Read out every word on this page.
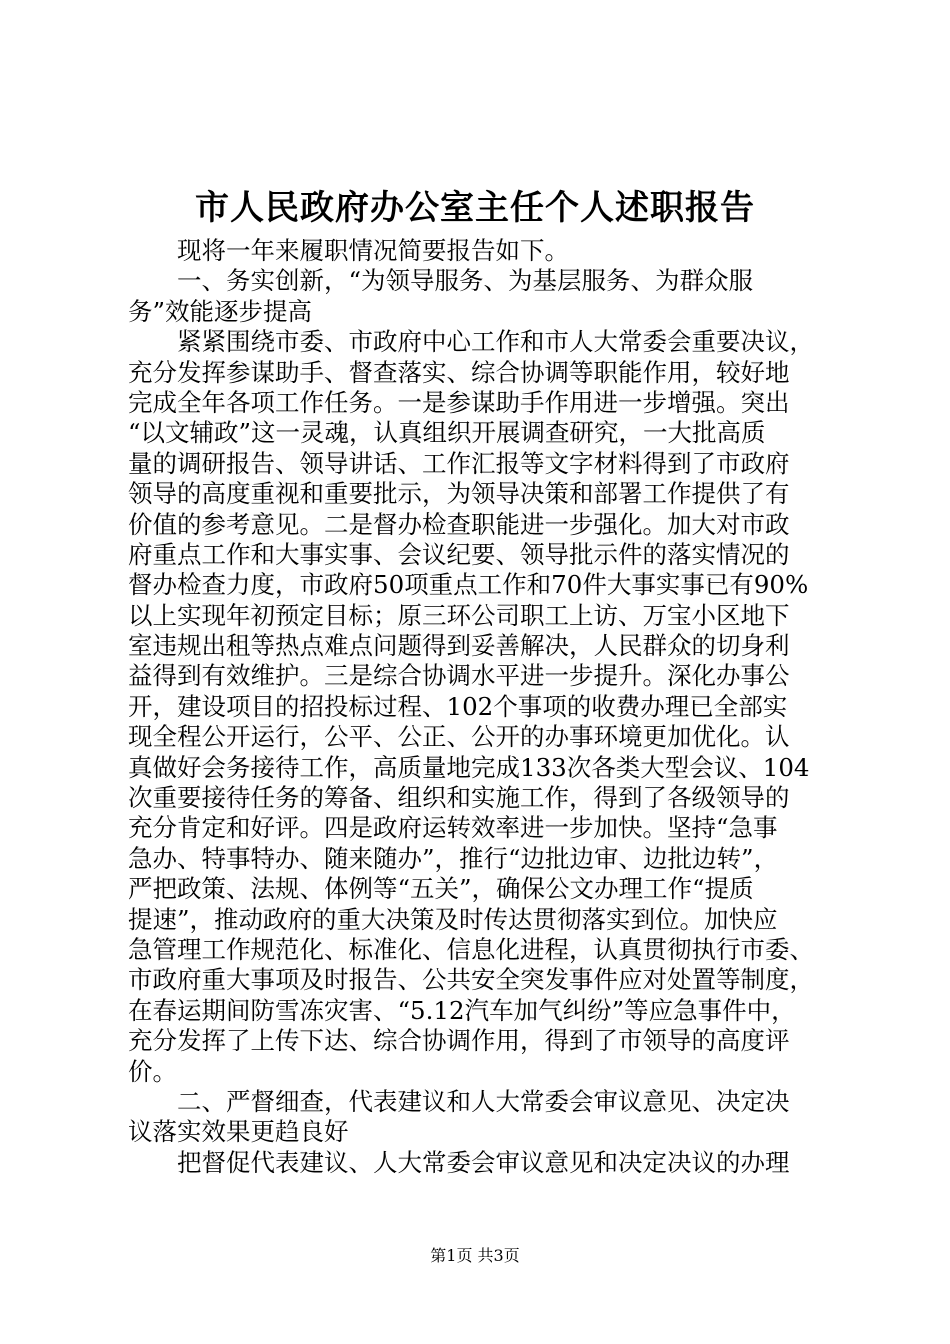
市人民政府办公室主任个人述职报告
　　现将一年来履职情况简要报告如下。
　　一、务实创新，“为领导服务、为基层服务、为群众服
务”效能逐步提高
　　紧紧围绕市委、市政府中心工作和市人大常委会重要决议，
充分发挥参谋助手、督查落实、综合协调等职能作用，较好地
完成全年各项工作任务。一是参谋助手作用进一步增强。突出
“以文辅政”这一灵魂，认真组织开展调查研究，一大批高质
量的调研报告、领导讲话、工作汇报等文字材料得到了市政府
领导的高度重视和重要批示，为领导决策和部署工作提供了有
价值的参考意见。二是督办检查职能进一步强化。加大对市政
府重点工作和大事实事、会议纪要、领导批示件的落实情况的
督办检查力度，市政府50项重点工作和70件大事实事已有90%
以上实现年初预定目标；原三环公司职工上访、万宝小区地下
室违规出租等热点难点问题得到妥善解决，人民群众的切身利
益得到有效维护。三是综合协调水平进一步提升。深化办事公
开，建设项目的招投标过程、102个事项的收费办理已全部实
现全程公开运行，公平、公正、公开的办事环境更加优化。认
真做好会务接待工作，高质量地完成133次各类大型会议、104
次重要接待任务的筹备、组织和实施工作，得到了各级领导的
充分肯定和好评。四是政府运转效率进一步加快。坚持“急事
急办、特事特办、随来随办”，推行“边批边审、边批边转”，
严把政策、法规、体例等“五关”，确保公文办理工作“提质
提速”，推动政府的重大决策及时传达贯彻落实到位。加快应
急管理工作规范化、标准化、信息化进程，认真贯彻执行市委、
市政府重大事项及时报告、公共安全突发事件应对处置等制度，
在春运期间防雪冻灾害、“5.12汽车加气纠纷”等应急事件中，
充分发挥了上传下达、综合协调作用，得到了市领导的高度评
价。
　　二、严督细查，代表建议和人大常委会审议意见、决定决
议落实效果更趋良好
　　把督促代表建议、人大常委会审议意见和决定决议的办理
第1页 共3页
